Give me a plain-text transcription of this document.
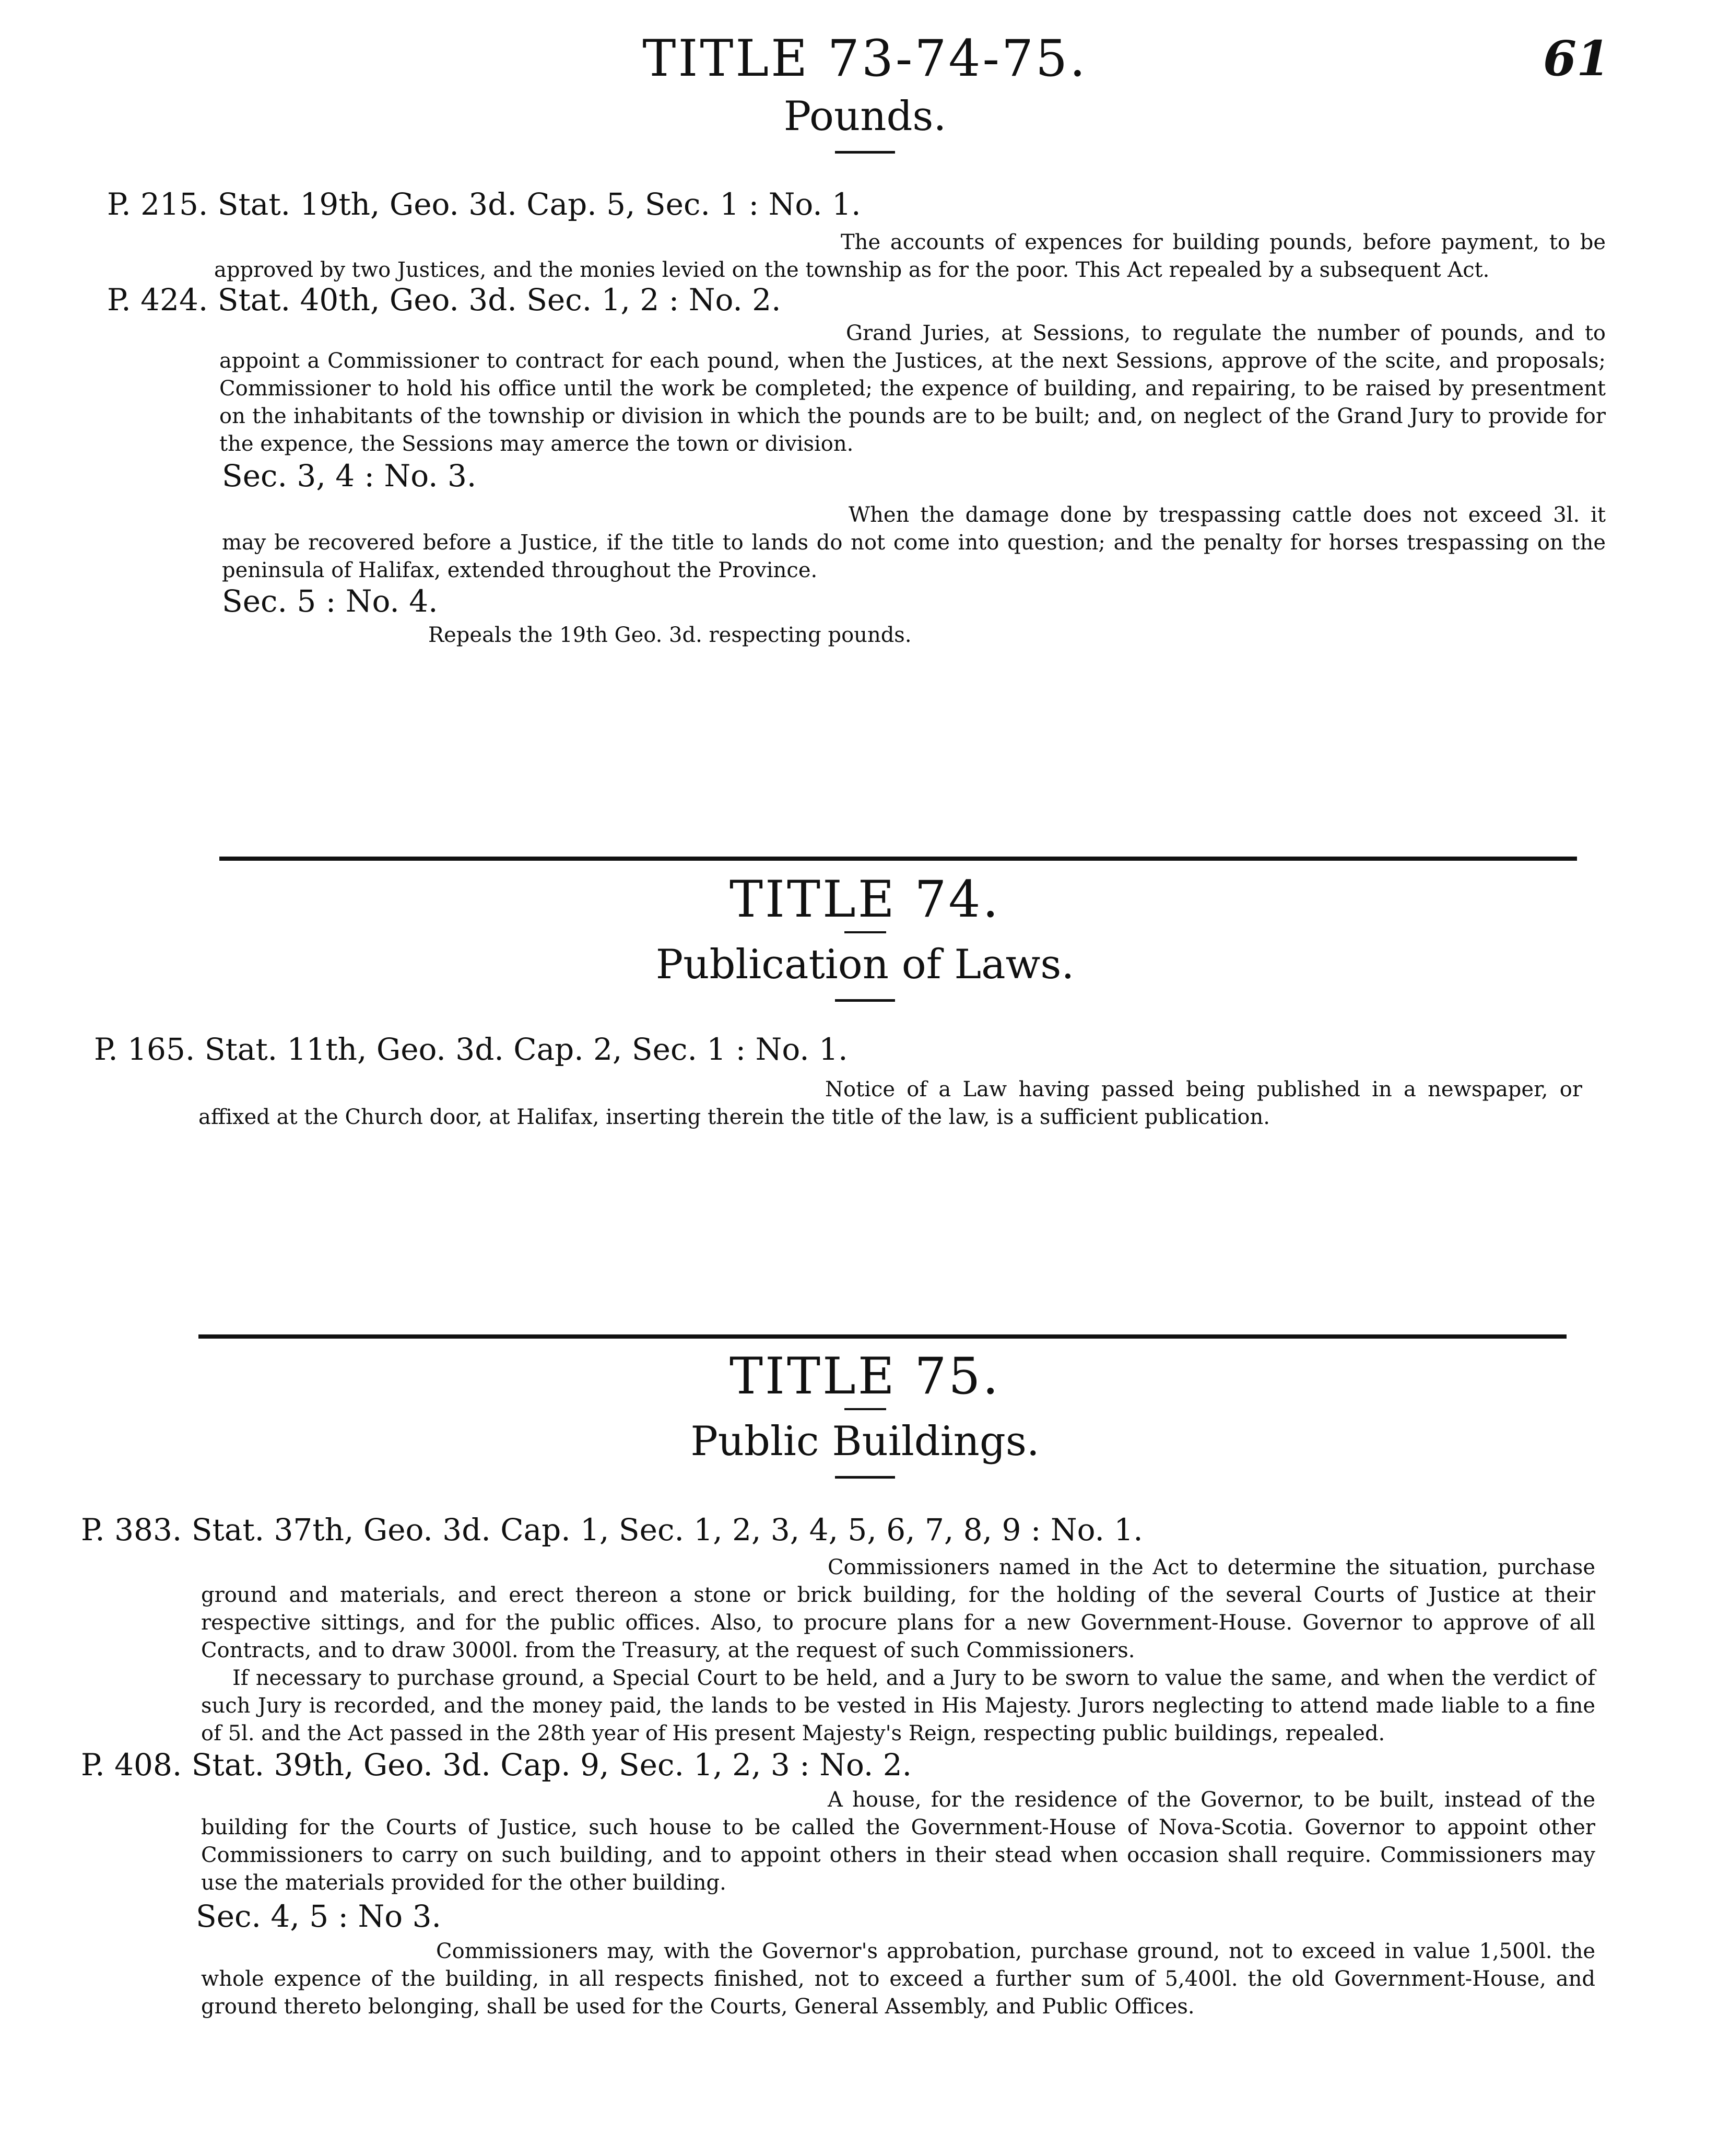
61
TITLE 73-74-75.
Pounds.
P. 215. Stat. 19th, Geo. 3d. Cap. 5, Sec. 1 : No. 1.

The accounts of expences for building pounds, before payment, to be approved by two Justices, and the monies levied on the township as for the poor. This Act repealed by a subsequent Act.

P. 424. Stat. 40th, Geo. 3d. Sec. 1, 2 : No. 2.

Grand Juries, at Sessions, to regulate the number of pounds, and to appoint a Commissioner to contract for each pound, when the Justices, at the next Sessions, approve of the scite, and proposals; Commissioner to hold his office until the work be completed; the expence of building, and repairing, to be raised by presentment on the inhabitants of the township or division in which the pounds are to be built; and, on neglect of the Grand Jury to provide for the expence, the Sessions may amerce the town or division.

Sec. 3, 4 : No. 3.

When the damage done by trespassing cattle does not exceed 3l. it may be recovered before a Justice, if the title to lands do not come into question; and the penalty for horses trespassing on the peninsula of Halifax, extended throughout the Province.

Sec. 5 : No. 4.

Repeals the 19th Geo. 3d. respecting pounds.

TITLE 74.
Publication of Laws.
P. 165. Stat. 11th, Geo. 3d. Cap. 2, Sec. 1 : No. 1.

Notice of a Law having passed being published in a newspaper, or affixed at the Church door, at Halifax, inserting therein the title of the law, is a sufficient publication.

TITLE 75.
Public Buildings.
P. 383. Stat. 37th, Geo. 3d. Cap. 1, Sec. 1, 2, 3, 4, 5, 6, 7, 8, 9 : No. 1.

Commissioners named in the Act to determine the situation, purchase ground and materials, and erect thereon a stone or brick building, for the holding of the several Courts of Justice at their respective sittings, and for the public offices. Also, to procure plans for a new Government-House. Governor to approve of all Contracts, and to draw 3000l. from the Treasury, at the request of such Commissioners.

If necessary to purchase ground, a Special Court to be held, and a Jury to be sworn to value the same, and when the verdict of such Jury is recorded, and the money paid, the lands to be vested in His Majesty. Jurors neglecting to attend made liable to a fine of 5l. and the Act passed in the 28th year of His present Majesty's Reign, respecting public buildings, repealed.

P. 408. Stat. 39th, Geo. 3d. Cap. 9, Sec. 1, 2, 3 : No. 2.

A house, for the residence of the Governor, to be built, instead of the building for the Courts of Justice, such house to be called the Government-House of Nova-Scotia. Governor to appoint other Commissioners to carry on such building, and to appoint others in their stead when occasion shall require. Commissioners may use the materials provided for the other building.

Sec. 4, 5 : No 3.

Commissioners may, with the Governor's approbation, purchase ground, not to exceed in value 1,500l. the whole expence of the building, in all respects finished, not to exceed a further sum of 5,400l. the old Government-House, and ground thereto belonging, shall be used for the Courts, General Assembly, and Public Offices.
